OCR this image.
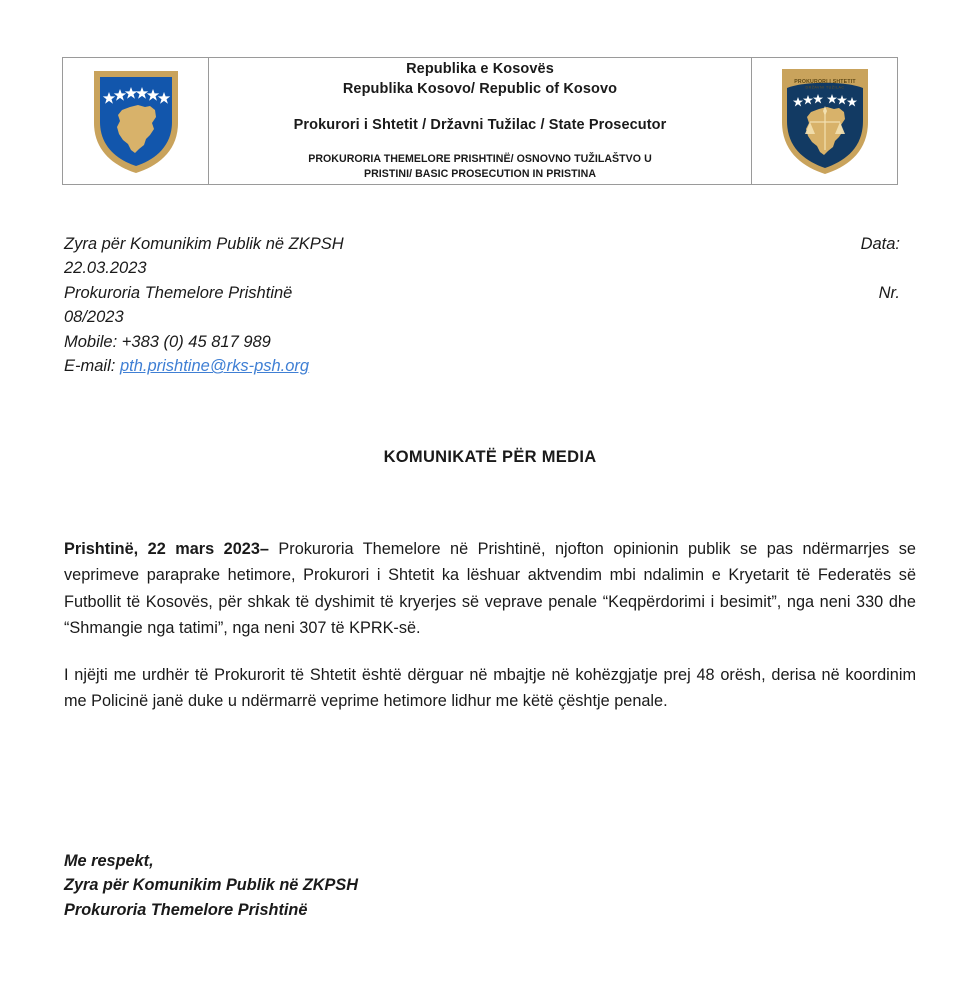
Republika e Kosovës
Republika Kosovo/ Republic of Kosovo
Prokurori i Shtetit / Državni Tužilac / State Prosecutor
PROKURORIA THEMELORE PRISHTINË/ OSNOVNO TUŽILAŠTVO U
PRISTINI/ BASIC PROSECUTION IN PRISTINA

PROKURORI I SHTETIT
DRŽAVNI TUŽILAC
Zyra për Komunikim Publik në ZKPSH	Data:
22.03.2023
Prokuroria Themelore Prishtinë	Nr.
08/2023
Mobile: +383 (0) 45 817 989
E-mail: pth.prishtine@rks-psh.org
KOMUNIKATË PËR MEDIA

Prishtinë, 22 mars 2023– Prokuroria Themelore në Prishtinë, njofton opinionin publik se pas ndërmarrjes se veprimeve paraprake hetimore, Prokurori i Shtetit ka lëshuar aktvendim mbi ndalimin e Kryetarit të Federatës së Futbollit të Kosovës, për shkak të dyshimit të kryerjes së veprave penale “Keqpërdorimi i besimit”, nga neni 330 dhe “Shmangie nga tatimi”, nga neni 307 të KPRK-së.

I njëjti me urdhër të Prokurorit të Shtetit është dërguar në mbajtje në kohëzgjatje prej 48 orësh, derisa në koordinim me Policinë janë duke u ndërmarrë veprime hetimore lidhur me këtë çështje penale.

Me respekt,
Zyra për Komunikim Publik në ZKPSH
Prokuroria Themelore Prishtinë
